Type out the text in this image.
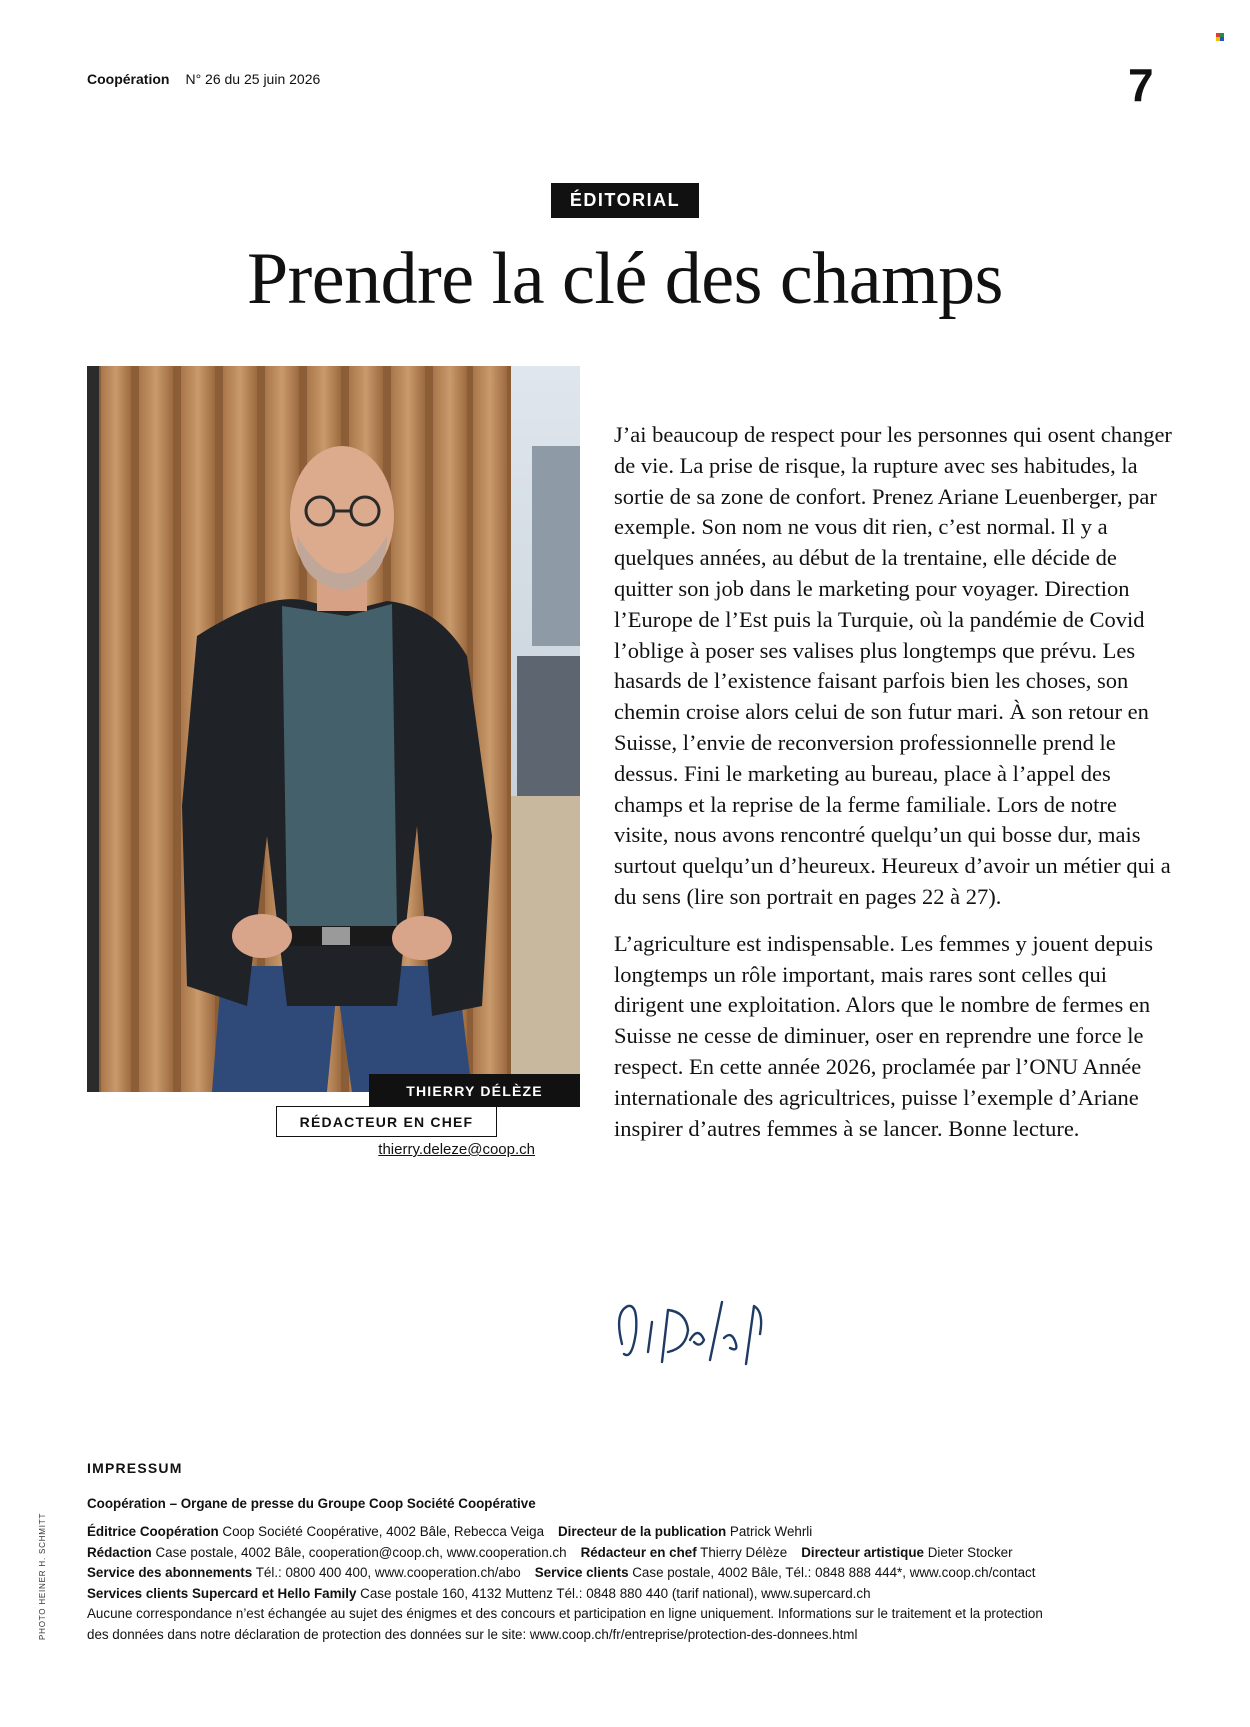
Coopération N° 26 du 25 juin 2026	7
ÉDITORIAL
Prendre la clé des champs
THIERRY DÉLÈZE
RÉDACTEUR EN CHEF
thierry.deleze@coop.ch

J’ai beaucoup de respect pour les personnes qui osent changer de vie. La prise de risque, la rupture avec ses habitudes, la sortie de sa zone de confort. Prenez Ariane Leuenberger, par exemple. Son nom ne vous dit rien, c’est normal. Il y a quelques années, au début de la trentaine, elle décide de quitter son job dans le marketing pour voyager. Direction l’Europe de l’Est puis la Turquie, où la pandémie de Covid l’oblige à poser ses valises plus longtemps que prévu. Les hasards de l’existence faisant parfois bien les choses, son chemin croise alors celui de son futur mari. À son retour en Suisse, l’envie de reconversion professionnelle prend le dessus. Fini le marketing au bureau, place à l’appel des champs et la reprise de la ferme familiale. Lors de notre visite, nous avons rencontré quelqu’un qui bosse dur, mais surtout quelqu’un d’heureux. Heureux d’avoir un métier qui a du sens (lire son portrait en pages 22 à 27).

L’agriculture est indispensable. Les femmes y jouent depuis longtemps un rôle important, mais rares sont celles qui dirigent une exploitation. Alors que le nombre de fermes en Suisse ne cesse de diminuer, oser en reprendre une force le respect. En cette année 2026, proclamée par l’ONU Année internationale des agricultrices, puisse l’exemple d’Ariane inspirer d’autres femmes à se lancer. Bonne lecture.

IMPRESSUM
Coopération – Organe de presse du Groupe Coop Société Coopérative
Éditrice Coopération Coop Société Coopérative, 4002 Bâle, Rebecca Veiga Directeur de la publication Patrick Wehrli
Rédaction Case postale, 4002 Bâle, cooperation@coop.ch, www.cooperation.ch Rédacteur en chef Thierry Délèze Directeur artistique Dieter Stocker
Service des abonnements Tél.: 0800 400 400, www.cooperation.ch/abo Service clients Case postale, 4002 Bâle, Tél.: 0848 888 444*, www.coop.ch/contact
Services clients Supercard et Hello Family Case postale 160, 4132 Muttenz Tél.: 0848 880 440 (tarif national), www.supercard.ch
Aucune correspondance n’est échangée au sujet des énigmes et des concours et participation en ligne uniquement. Informations sur le traitement et la protection
des données dans notre déclaration de protection des données sur le site: www.coop.ch/fr/entreprise/protection-des-donnees.html
PHOTO HEINER H. SCHMITT
